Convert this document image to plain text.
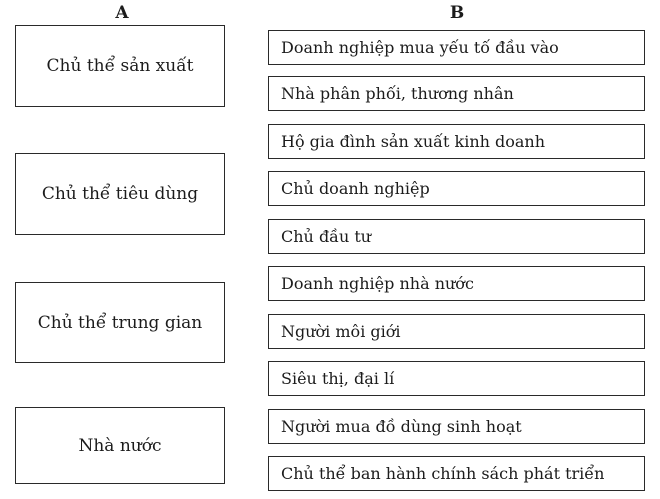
A	B
Chủ thể sản xuất
Chủ thể tiêu dùng
Chủ thể trung gian
Nhà nước
Doanh nghiệp mua yếu tố đầu vào
Nhà phân phối, thương nhân
Hộ gia đình sản xuất kinh doanh
Chủ doanh nghiệp
Chủ đầu tư
Doanh nghiệp nhà nước
Người môi giới
Siêu thị, đại lí
Người mua đồ dùng sinh hoạt
Chủ thể ban hành chính sách phát triển
